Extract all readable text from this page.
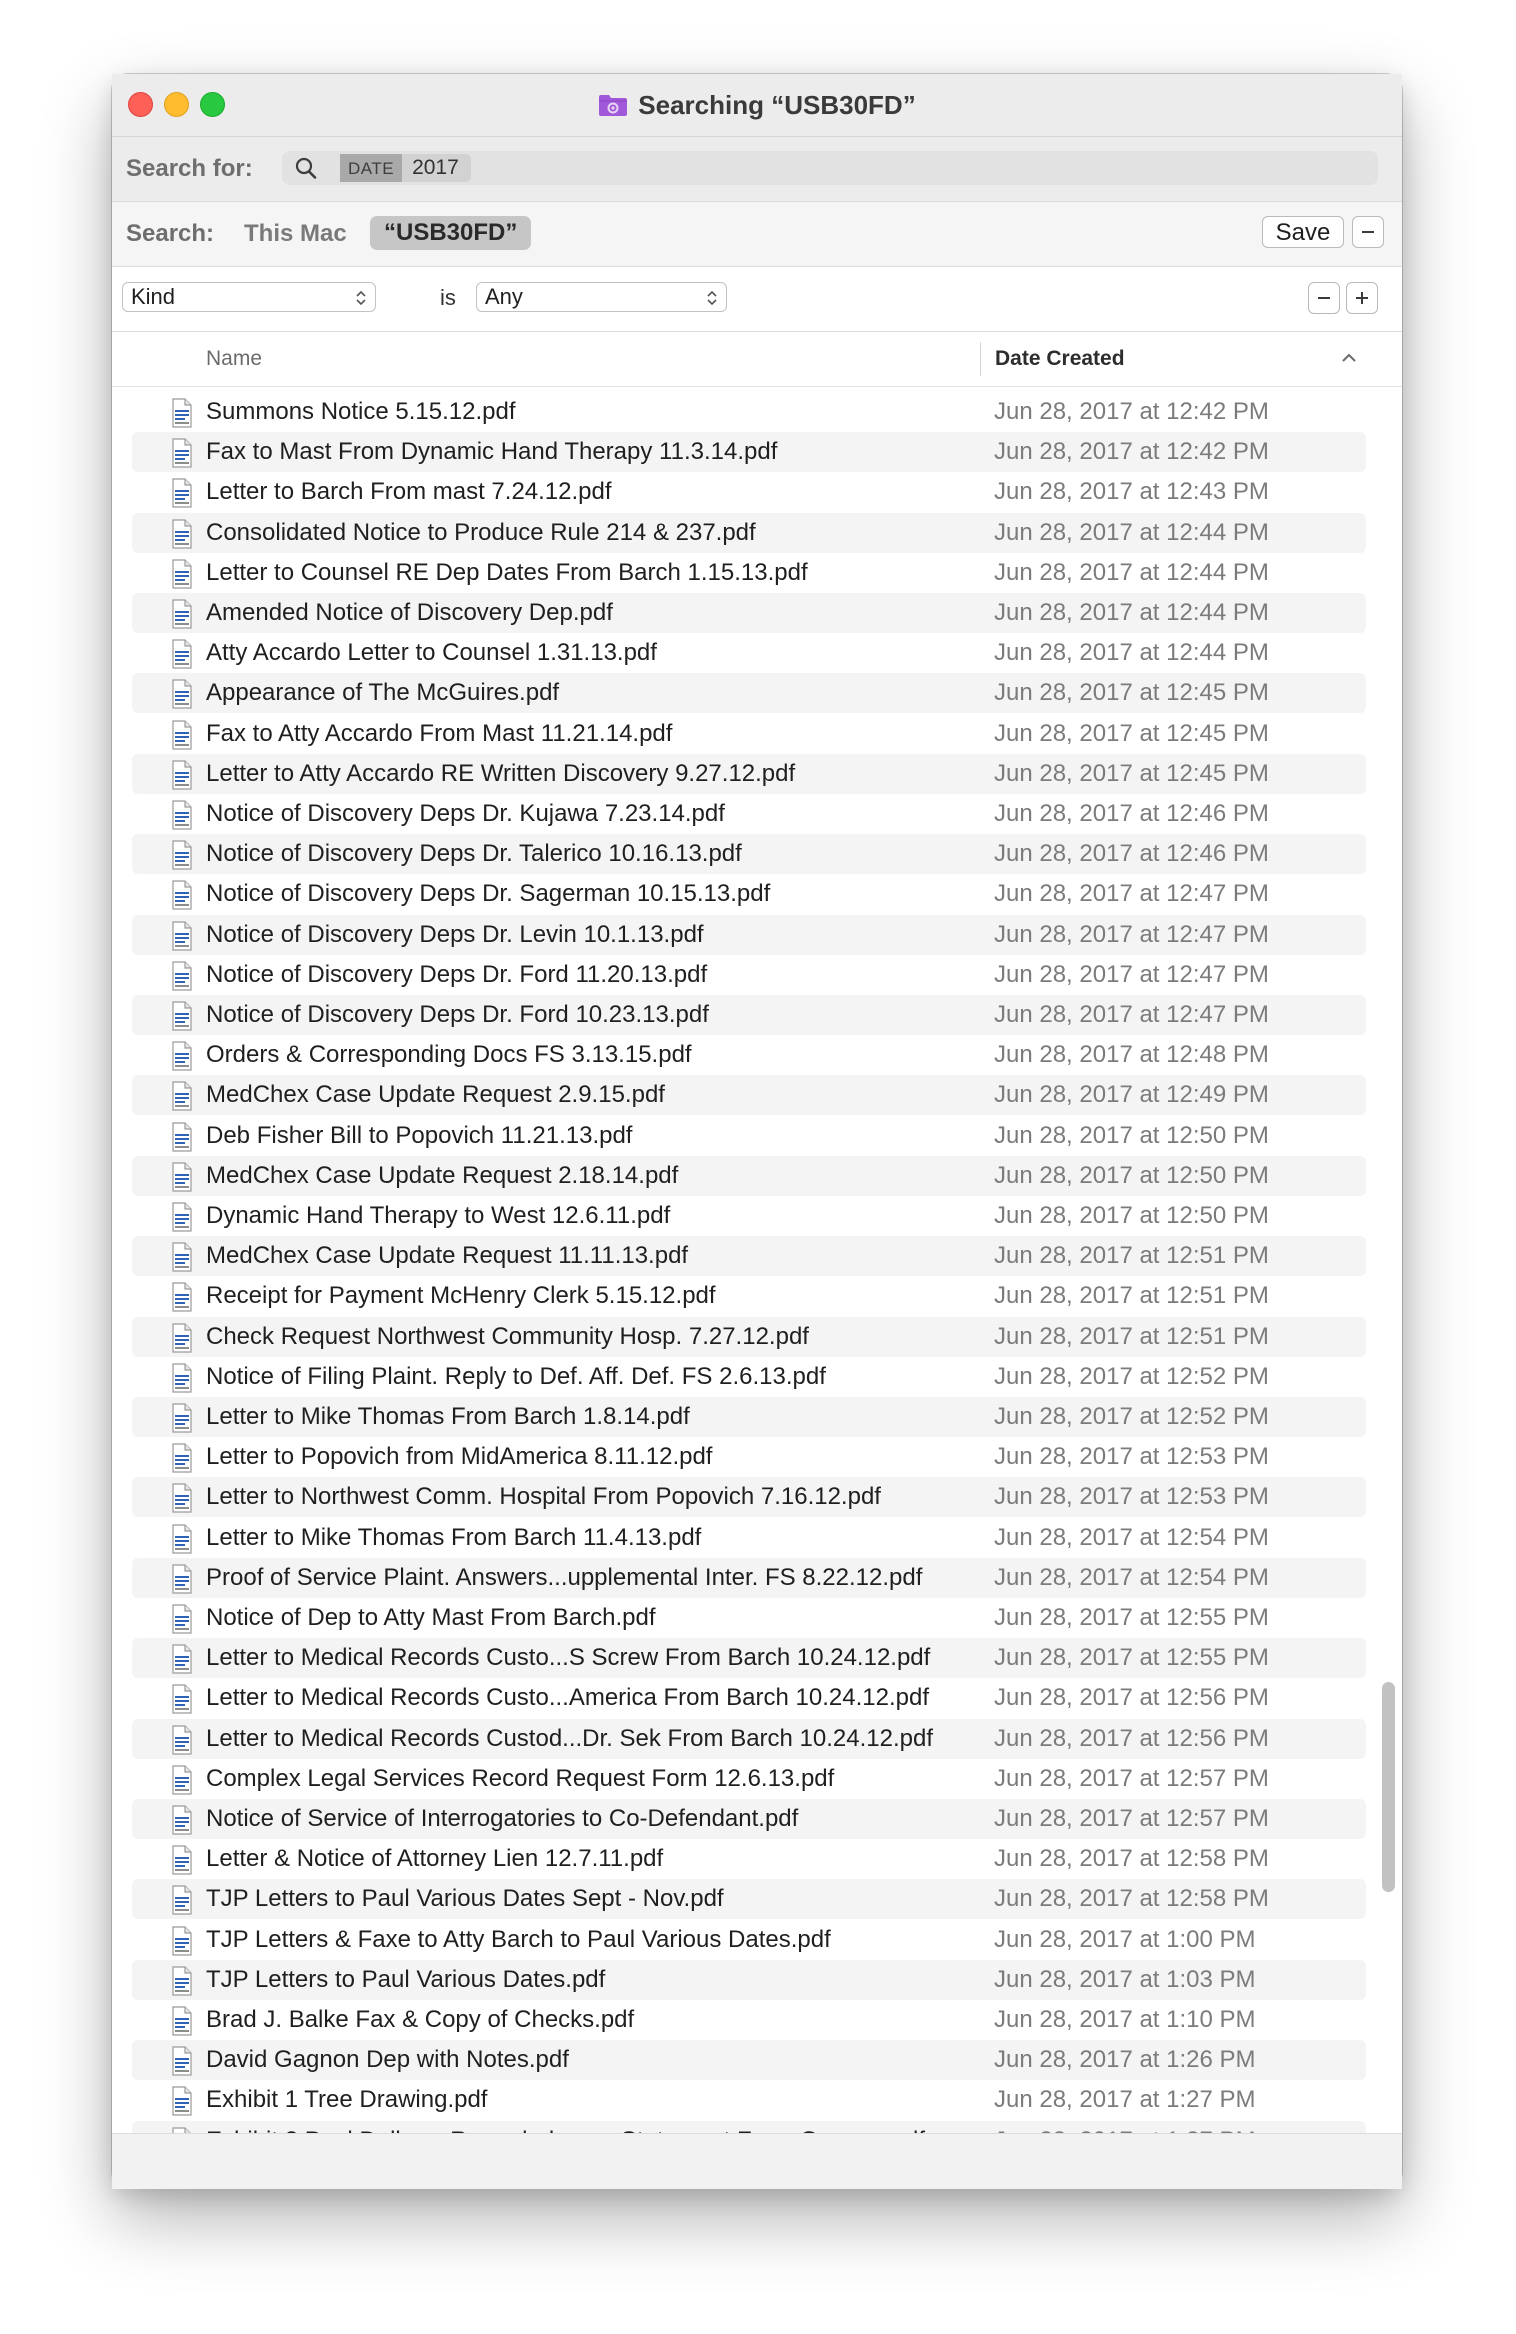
Searching “USB30FD”
Search for:	DATE 2017
Search: This Mac	“USB30FD”	Save
Kind	is	Any
Name	Date Created
Summons Notice 5.15.12.pdf	Jun 28, 2017 at 12:42 PM
Fax to Mast From Dynamic Hand Therapy 11.3.14.pdf	Jun 28, 2017 at 12:42 PM
Letter to Barch From mast 7.24.12.pdf	Jun 28, 2017 at 12:43 PM
Consolidated Notice to Produce Rule 214 & 237.pdf	Jun 28, 2017 at 12:44 PM
Letter to Counsel RE Dep Dates From Barch 1.15.13.pdf	Jun 28, 2017 at 12:44 PM
Amended Notice of Discovery Dep.pdf	Jun 28, 2017 at 12:44 PM
Atty Accardo Letter to Counsel 1.31.13.pdf	Jun 28, 2017 at 12:44 PM
Appearance of The McGuires.pdf	Jun 28, 2017 at 12:45 PM
Fax to Atty Accardo From Mast 11.21.14.pdf	Jun 28, 2017 at 12:45 PM
Letter to Atty Accardo RE Written Discovery 9.27.12.pdf	Jun 28, 2017 at 12:45 PM
Notice of Discovery Deps Dr. Kujawa 7.23.14.pdf	Jun 28, 2017 at 12:46 PM
Notice of Discovery Deps Dr. Talerico 10.16.13.pdf	Jun 28, 2017 at 12:46 PM
Notice of Discovery Deps Dr. Sagerman 10.15.13.pdf	Jun 28, 2017 at 12:47 PM
Notice of Discovery Deps Dr. Levin 10.1.13.pdf	Jun 28, 2017 at 12:47 PM
Notice of Discovery Deps Dr. Ford 11.20.13.pdf	Jun 28, 2017 at 12:47 PM
Notice of Discovery Deps Dr. Ford 10.23.13.pdf	Jun 28, 2017 at 12:47 PM
Orders & Corresponding Docs FS 3.13.15.pdf	Jun 28, 2017 at 12:48 PM
MedChex Case Update Request 2.9.15.pdf	Jun 28, 2017 at 12:49 PM
Deb Fisher Bill to Popovich 11.21.13.pdf	Jun 28, 2017 at 12:50 PM
MedChex Case Update Request 2.18.14.pdf	Jun 28, 2017 at 12:50 PM
Dynamic Hand Therapy to West 12.6.11.pdf	Jun 28, 2017 at 12:50 PM
MedChex Case Update Request 11.11.13.pdf	Jun 28, 2017 at 12:51 PM
Receipt for Payment McHenry Clerk 5.15.12.pdf	Jun 28, 2017 at 12:51 PM
Check Request Northwest Community Hosp. 7.27.12.pdf	Jun 28, 2017 at 12:51 PM
Notice of Filing Plaint. Reply to Def. Aff. Def. FS 2.6.13.pdf	Jun 28, 2017 at 12:52 PM
Letter to Mike Thomas From Barch 1.8.14.pdf	Jun 28, 2017 at 12:52 PM
Letter to Popovich from MidAmerica 8.11.12.pdf	Jun 28, 2017 at 12:53 PM
Letter to Northwest Comm. Hospital From Popovich 7.16.12.pdf	Jun 28, 2017 at 12:53 PM
Letter to Mike Thomas From Barch 11.4.13.pdf	Jun 28, 2017 at 12:54 PM
Proof of Service Plaint. Answers...upplemental Inter. FS 8.22.12.pdf	Jun 28, 2017 at 12:54 PM
Notice of Dep to Atty Mast From Barch.pdf	Jun 28, 2017 at 12:55 PM
Letter to Medical Records Custo...S Screw From Barch 10.24.12.pdf	Jun 28, 2017 at 12:55 PM
Letter to Medical Records Custo...America From Barch 10.24.12.pdf	Jun 28, 2017 at 12:56 PM
Letter to Medical Records Custod...Dr. Sek From Barch 10.24.12.pdf	Jun 28, 2017 at 12:56 PM
Complex Legal Services Record Request Form 12.6.13.pdf	Jun 28, 2017 at 12:57 PM
Notice of Service of Interrogatories to Co-Defendant.pdf	Jun 28, 2017 at 12:57 PM
Letter & Notice of Attorney Lien 12.7.11.pdf	Jun 28, 2017 at 12:58 PM
TJP Letters to Paul Various Dates Sept - Nov.pdf	Jun 28, 2017 at 12:58 PM
TJP Letters & Faxe to Atty Barch to Paul Various Dates.pdf	Jun 28, 2017 at 1:00 PM
TJP Letters to Paul Various Dates.pdf	Jun 28, 2017 at 1:03 PM
Brad J. Balke Fax & Copy of Checks.pdf	Jun 28, 2017 at 1:10 PM
David Gagnon Dep with Notes.pdf	Jun 28, 2017 at 1:26 PM
Exhibit 1 Tree Drawing.pdf	Jun 28, 2017 at 1:27 PM
